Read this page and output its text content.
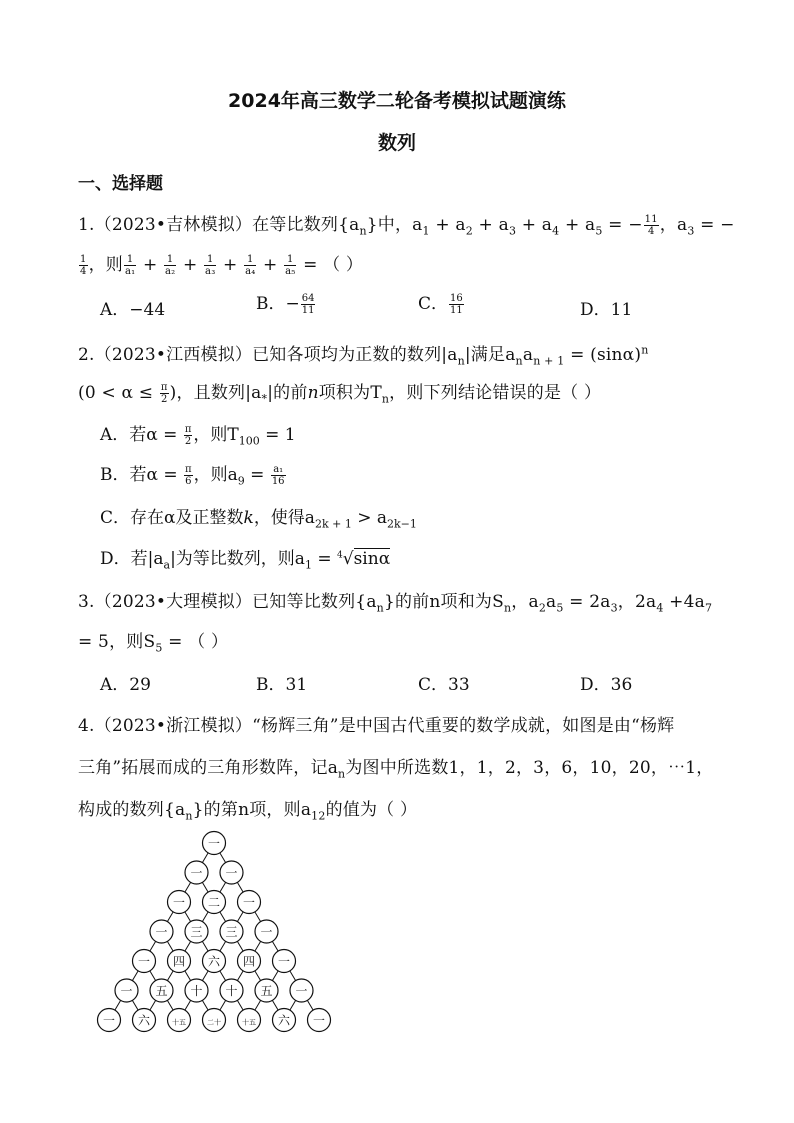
2024年高三数学二轮备考模拟试题演练
数列
一、选择题
1.（2023•吉林模拟）在等比数列$\{a_n\}$中，$a_1 + a_2 + a_3 + a_4 + a_5$ = − $\frac{11}{4}$ ，$a_3$ = −
$\frac{1}{4}$ ，则 $\frac{1}{\text{a₁}} + \frac{1}{\text{a₂}} + \frac{1}{\text{a₃}} + \frac{1}{\text{a₄}} + \frac{1}{\text{a₅}}$ = （ ）
A．−44	B．− $\frac{64}{11}$	C． $\frac{16}{11}$	D．11
2.（2023•江西模拟）已知各项均为正数的数列$|a_n|$满足$a_na_{n + 1} = (\sin\alpha)^n$
($0 < \alpha \le \frac{\pi}{2}$ )，且数列$|a_*|$的前n项积为$T_n$，则下列结论错误的是（ ）
A．若$\alpha = \frac{\pi}{2}$ ，则$T_{100} = 1$
B．若$\alpha = \frac{\pi}{6}$ ，则$a_9 = \frac{\text{a₁}}{16}$
C．存在α及正整数k，使得$a_{2k + 1} > a_{2k-1}$
D．若$|a_a|$为等比数列，则$a_1 = ^4√\sin\alpha$
3.（2023•大理模拟）已知等比数列$\{a_n\}$的前n项和为$S_n$，$a_2a_5 = 2a_3$，$2a_4 +4a_7$
= 5，则$S_5$ = （ ）
A．29	B．31	C．33	D．36
4.（2023•浙江模拟）“杨辉三角”是中国古代重要的数学成就，如图是由“杨辉
三角”拓展而成的三角形数阵，记$a_n$为图中所选数1，1，2，3，6，10，20，⋯1，
构成的数列$\{a_n\}$的第n项，则$a_{12}$的值为（ ）
一
一 一
一 二 一
一 三 三 一
一 四 六 四 一
一 五 十 十 五 一
一 六	十五	二十	十五 六 一
